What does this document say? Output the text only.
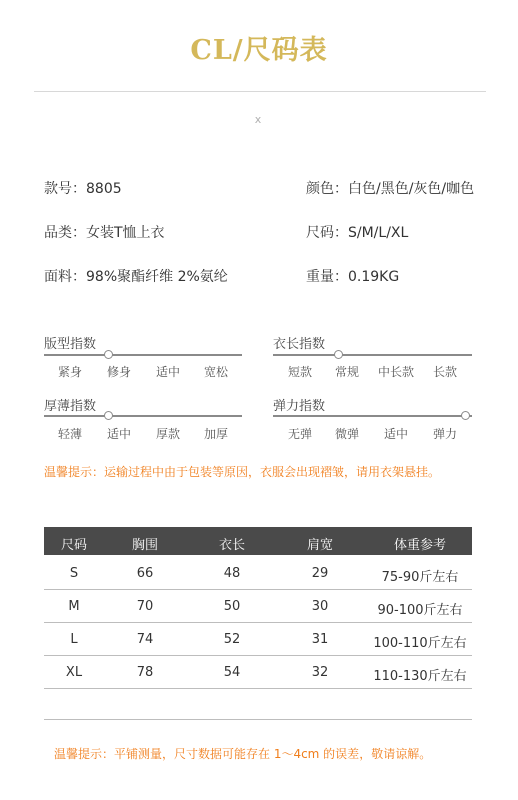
CL/尺码表
x
款号：8805	颜色：白色/黑色/灰色/咖色
品类：女装T恤上衣	尺码：S/M/L/XL
面料：98%聚酯纤维 2%氨纶	重量：0.19KG
版型指数
紧身	修身	适中	宽松
衣长指数
短款	常规	中长款	长款
厚薄指数
轻薄	适中	厚款	加厚
弹力指数
无弹	微弹	适中	弹力
温馨提示：运输过程中由于包装等原因，衣服会出现褶皱，请用衣架悬挂。
尺码	胸围	衣长	肩宽	体重参考
S	66	48	29	75-90斤左右
M	70	50	30	90-100斤左右
L	74	52	31	100-110斤左右
XL	78	54	32	110-130斤左右
温馨提示：平铺测量，尺寸数据可能存在 1～4cm 的误差，敬请谅解。
